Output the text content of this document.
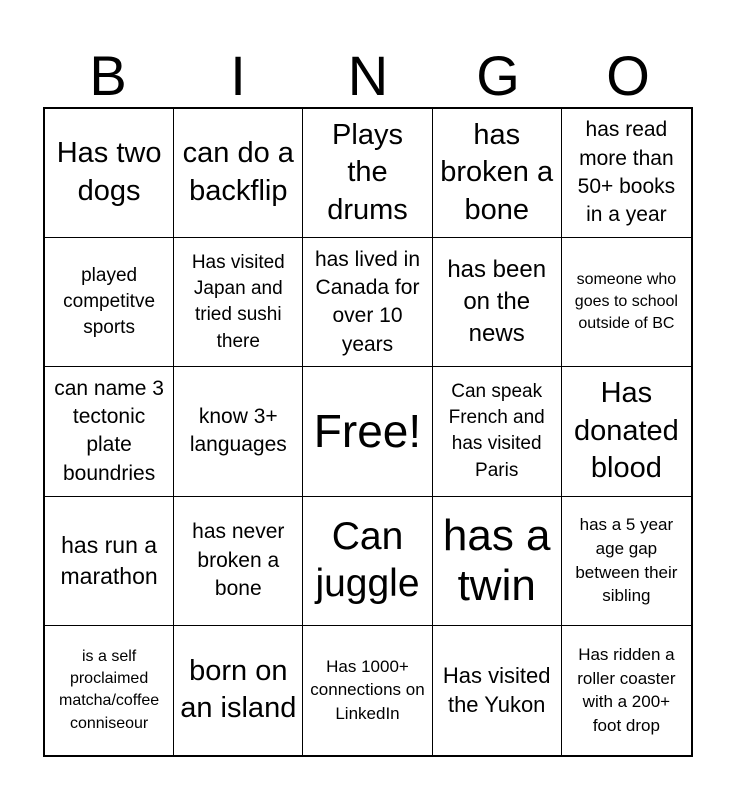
B	I	N	G	O
Has two dogs
can do a backflip
Plays the drums
has broken a bone
has read more than 50+ books in a year
played competitve sports
Has visited Japan and tried sushi there
has lived in Canada for over 10 years
has been on the news
someone who goes to school outside of BC
can name 3 tectonic plate boundries
know 3+ languages Free!
Can speak French and has visited Paris
Has donated blood
has run a marathon
has never broken a bone
Can juggle
has a twin
has a 5 year age gap between their sibling
is a self proclaimed matcha/coffee conniseour
born on an island
Has 1000+ connections on LinkedIn
Has visited the Yukon
Has ridden a roller coaster with a 200+ foot drop
